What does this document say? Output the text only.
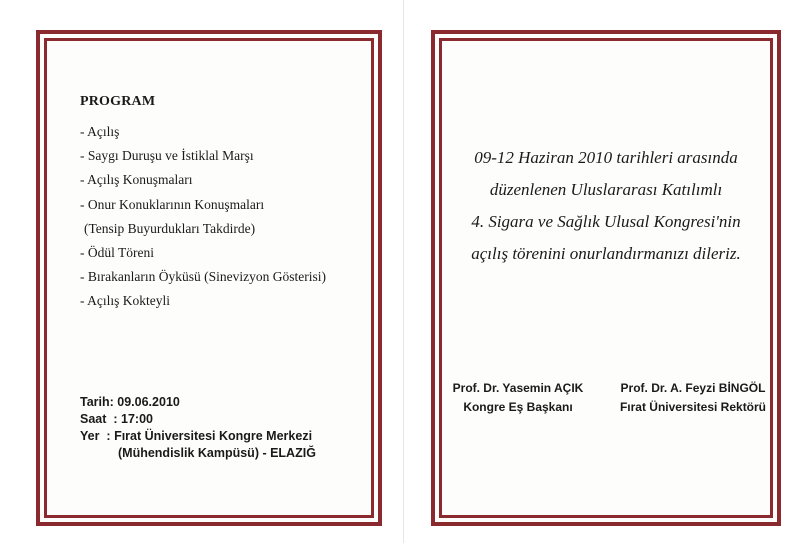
PROGRAM
- Açılış
- Saygı Duruşu ve İstiklal Marşı
- Açılış Konuşmaları
- Onur Konuklarının Konuşmaları
(Tensip Buyurdukları Takdirde)
- Ödül Töreni
- Bırakanların Öyküsü (Sinevizyon Gösterisi)
- Açılış Kokteyli
Tarih: 09.06.2010
Saat  : 17:00
Yer  : Fırat Üniversitesi Kongre Merkezi
(Mühendislik Kampüsü) - ELAZIĞ
09-12 Haziran 2010 tarihleri arasında
düzenlenen Uluslararası Katılımlı
4. Sigara ve Sağlık Ulusal Kongresi'nin
açılış törenini onurlandırmanızı dileriz.
Prof. Dr. Yasemin AÇIK
Kongre Eş Başkanı
Prof. Dr. A. Feyzi BİNGÖL
Fırat Üniversitesi Rektörü
